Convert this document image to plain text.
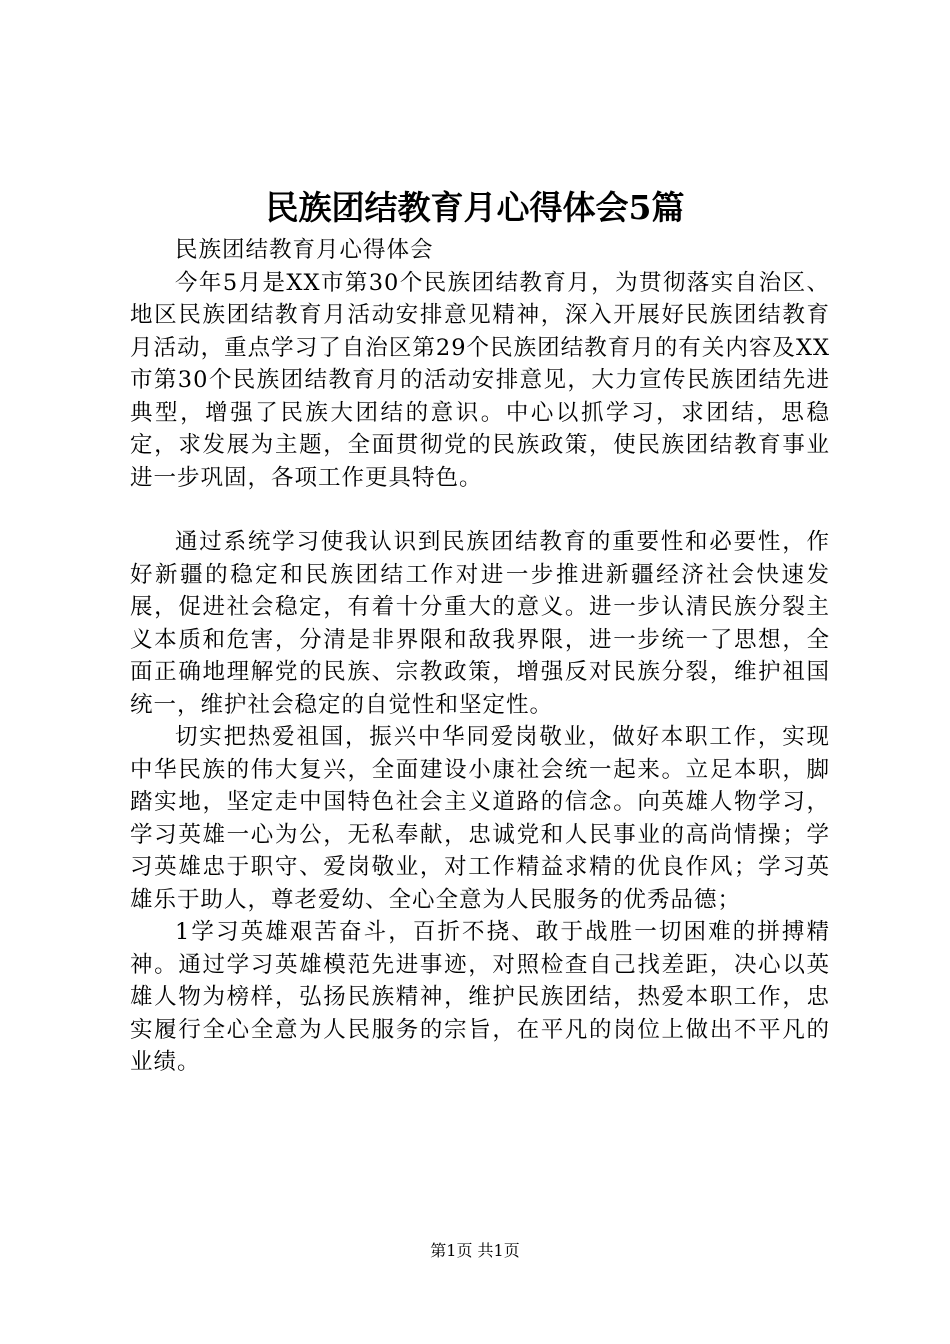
民族团结教育月心得体会5篇

民族团结教育月心得体会

今年5月是XX市第30个民族团结教育月，为贯彻落实自治区、地区民族团结教育月活动安排意见精神，深入开展好民族团结教育月活动，重点学习了自治区第29个民族团结教育月的有关内容及XX市第30个民族团结教育月的活动安排意见，大力宣传民族团结先进典型，增强了民族大团结的意识。中心以抓学习，求团结，思稳定，求发展为主题，全面贯彻党的民族政策，使民族团结教育事业进一步巩固，各项工作更具特色。

通过系统学习使我认识到民族团结教育的重要性和必要性，作好新疆的稳定和民族团结工作对进一步推进新疆经济社会快速发展，促进社会稳定，有着十分重大的意义。进一步认清民族分裂主义本质和危害，分清是非界限和敌我界限，进一步统一了思想，全面正确地理解党的民族、宗教政策，增强反对民族分裂，维护祖国统一，维护社会稳定的自觉性和坚定性。

切实把热爱祖国，振兴中华同爱岗敬业，做好本职工作，实现中华民族的伟大复兴，全面建设小康社会统一起来。立足本职，脚踏实地，坚定走中国特色社会主义道路的信念。向英雄人物学习，学习英雄一心为公，无私奉献，忠诚党和人民事业的高尚情操；学习英雄忠于职守、爱岗敬业，对工作精益求精的优良作风；学习英雄乐于助人，尊老爱幼、全心全意为人民服务的优秀品德；

1学习英雄艰苦奋斗，百折不挠、敢于战胜一切困难的拼搏精神。通过学习英雄模范先进事迹，对照检查自己找差距，决心以英雄人物为榜样，弘扬民族精神，维护民族团结，热爱本职工作，忠实履行全心全意为人民服务的宗旨，在平凡的岗位上做出不平凡的业绩。

第1页 共1页
